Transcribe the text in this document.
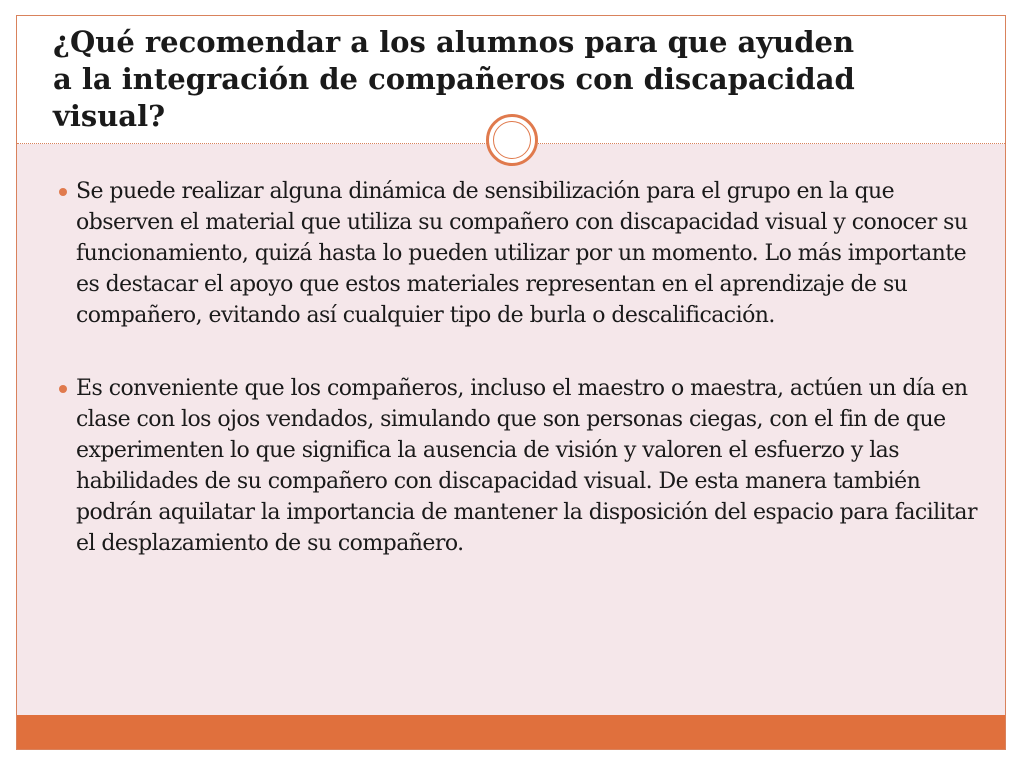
¿Qué recomendar a los alumnos para que ayuden
a la integración de compañeros con discapacidad
visual?
Se puede realizar alguna dinámica de sensibilización para el grupo en la que observen el material que utiliza su compañero con discapacidad visual y conocer su funcionamiento, quizá hasta lo pueden utilizar por un momento. Lo más importante es destacar el apoyo que estos materiales representan en el aprendizaje de su compañero, evitando así cualquier tipo de burla o descalificación.
Es conveniente que los compañeros, incluso el maestro o maestra, actúen un día en clase con los ojos vendados, simulando que son personas ciegas, con el fin de que experimenten lo que significa la ausencia de visión y valoren el esfuerzo y las habilidades de su compañero con discapacidad visual. De esta manera también podrán aquilatar la importancia de mantener la disposición del espacio para facilitar el desplazamiento de su compañero.
